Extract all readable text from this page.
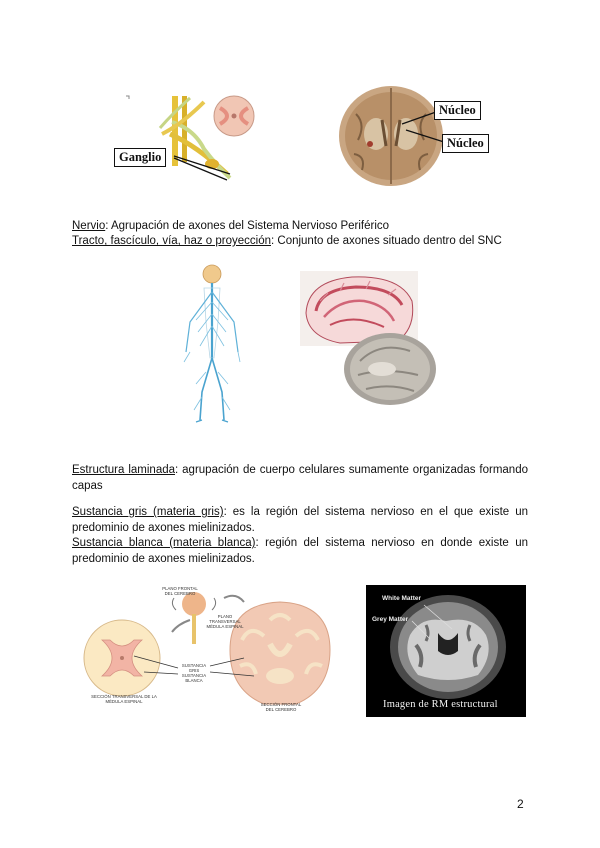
Ganglio
Núcleo
Núcleo
Nervio: Agrupación de axones del Sistema Nervioso Periférico
Tracto, fascículo, vía, haz o proyección: Conjunto de axones situado dentro del SNC
Estructura laminada: agrupación de cuerpo celulares sumamente organizadas formando capas
Sustancia gris (materia gris): es la región del sistema nervioso en el que existe un predominio de axones mielinizados.
Sustancia blanca (materia blanca): región del sistema nervioso en donde existe un predominio de axones mielinizados.
PLANO FRONTAL DEL CEREBRO
PLANO TRANSVERSAL MÉDULA ESPINAL
SUSTANCIA GRIS
SUSTANCIA BLANCA
SECCIÓN TRANSVERSAL DE LA MÉDULA ESPINAL
SECCIÓN FRONTAL DEL CEREBRO
White Matter
Grey Matter
Imagen de RM estructural
2
